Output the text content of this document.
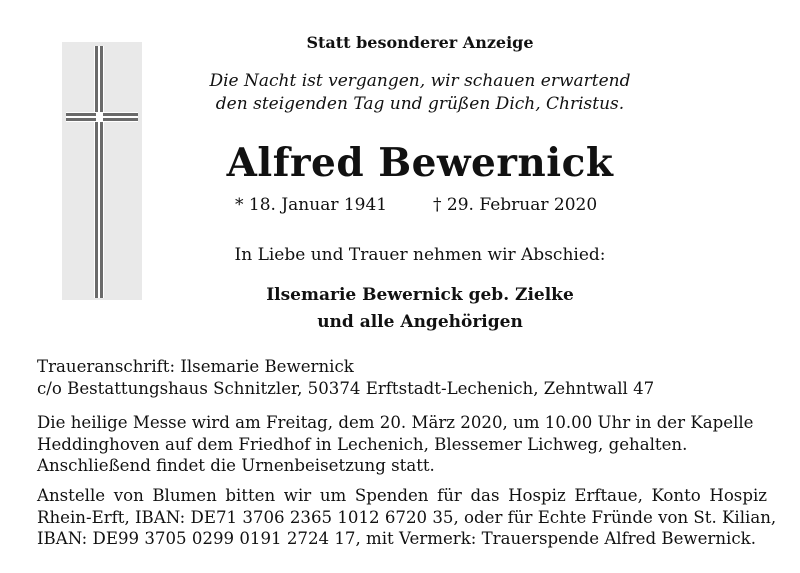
Statt besonderer Anzeige
Die Nacht ist vergangen, wir schauen erwartend
den steigenden Tag und grüßen Dich, Christus.
Alfred Bewernick
* 18. Januar 1941	† 29. Februar 2020
In Liebe und Trauer nehmen wir Abschied:
Ilsemarie Bewernick geb. Zielke
und alle Angehörigen
Traueranschrift: Ilsemarie Bewernick
c/o Bestattungshaus Schnitzler, 50374 Erftstadt-Lechenich, Zehntwall 47
Die heilige Messe wird am Freitag, dem 20. März 2020, um 10.00 Uhr in der Kapelle
Heddinghoven auf dem Friedhof in Lechenich, Blessemer Lichweg, gehalten.
Anschließend findet die Urnenbeisetzung statt.
Anstelle von Blumen bitten wir um Spenden für das Hospiz Erftaue, Konto Hospiz
Rhein-Erft, IBAN: DE71 3706 2365 1012 6720 35, oder für Echte Fründe von St. Kilian,
IBAN: DE99 3705 0299 0191 2724 17, mit Vermerk: Trauerspende Alfred Bewernick.
